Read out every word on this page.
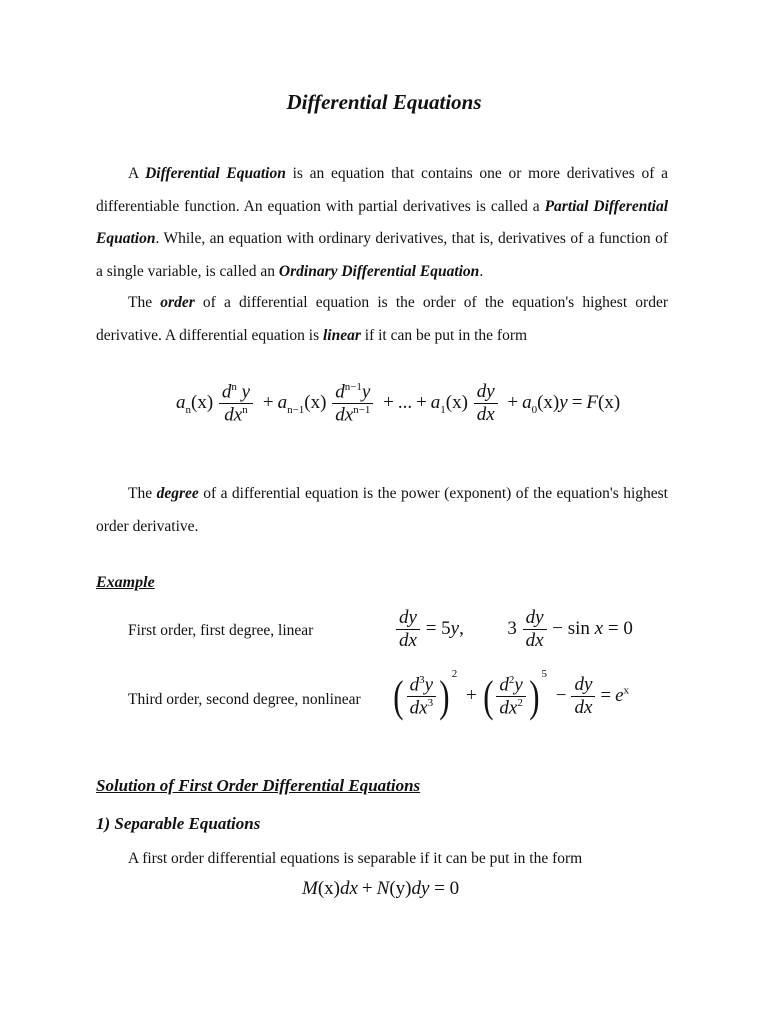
Differential Equations

A Differential Equation is an equation that contains one or more derivatives of a differentiable function. An equation with partial derivatives is called a Partial Differential Equation. While, an equation with ordinary derivatives, that is, derivatives of a function of a single variable, is called an Ordinary Differential Equation.

The order of a differential equation is the order of the equation's highest order derivative. A differential equation is linear if it can be put in the form

$a_n(x) \frac{d^n y}{dx^n} + a_{n-1}(x) \frac{d^{n-1}y}{dx^{n-1}}$ + ... + $a_1(x) \frac{dy}{dx} + a_0(x)y = F(x)$

The degree of a differential equation is the power (exponent) of the equation's highest order derivative.

Example

First order, first degree, linear	$\frac{dy}{dx} = 5y$, $3 \frac{dy}{dx} - \sin x = 0$

Third order, second degree, nonlinear ( $\frac{d^3y}{dx^3}$ ) $^2$ + ( $\frac{d^2y}{dx^2}$ ) $^5 - \frac{dy}{dx} = e^x$
Solution of First Order Differential Equations
1) Separable Equations

A first order differential equations is separable if it can be put in the form

M(x)dx + N(y)dy = 0
